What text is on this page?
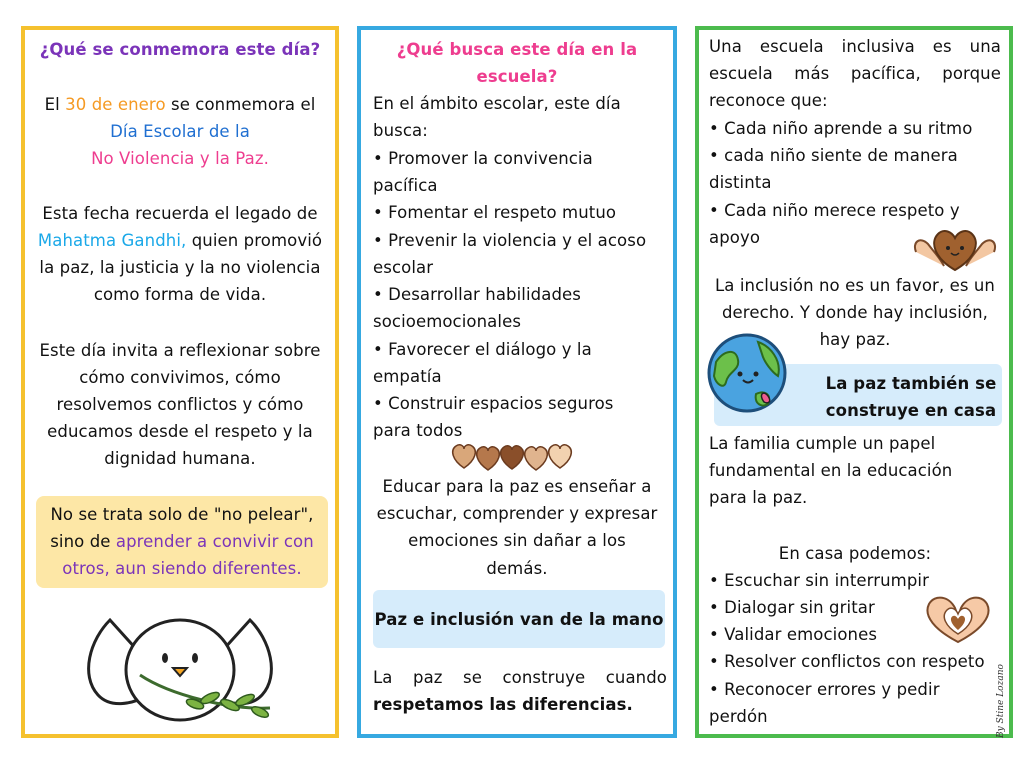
¿Qué se conmemora este día?
El 30 de enero se conmemora el
Día Escolar de la
No Violencia y la Paz.
Esta fecha recuerda el legado de
Mahatma Gandhi, quien promovió
la paz, la justicia y la no violencia
como forma de vida.
Este día invita a reflexionar sobre
cómo convivimos, cómo
resolvemos conflictos y cómo
educamos desde el respeto y la
dignidad humana.
No se trata solo de "no pelear",
sino de aprender a convivir con
otros, aun siendo diferentes.
¿Qué busca este día en la
escuela?
En el ámbito escolar, este día
busca:
• Promover la convivencia
pacífica
• Fomentar el respeto mutuo
• Prevenir la violencia y el acoso
escolar
• Desarrollar habilidades
socioemocionales
• Favorecer el diálogo y la
empatía
• Construir espacios seguros
para todos
Educar para la paz es enseñar a
escuchar, comprender y expresar
emociones sin dañar a los
demás.
Paz e inclusión van de la mano
La paz se construye cuando
respetamos las diferencias.
Una escuela inclusiva es una
escuela más pacífica, porque
reconoce que:
• Cada niño aprende a su ritmo
• cada niño siente de manera
distinta
• Cada niño merece respeto y
apoyo
La inclusión no es un favor, es un
derecho. Y donde hay inclusión,
hay paz.
La paz también se
construye en casa
La familia cumple un papel
fundamental en la educación
para la paz.
En casa podemos:
• Escuchar sin interrumpir
• Dialogar sin gritar
• Validar emociones
• Resolver conflictos con respeto
• Reconocer errores y pedir
perdón	By Stine Lozano
